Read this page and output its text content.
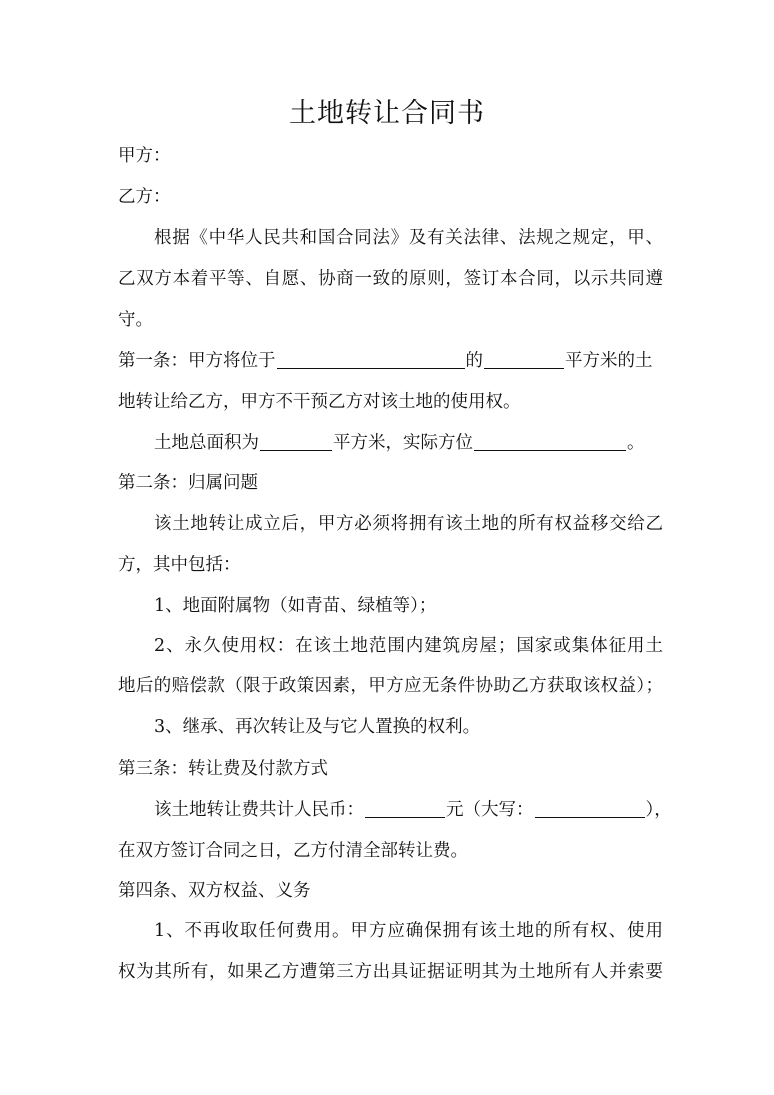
土地转让合同书
甲方：
乙方：
根据《中华人民共和国合同法》及有关法律、法规之规定，甲、
乙双方本着平等、自愿、协商一致的原则，签订本合同，以示共同遵
守。
第一条：甲方将位于	的	平方米的土
地转让给乙方，甲方不干预乙方对该土地的使用权。
土地总面积为	平方米，实际方位	。
第二条：归属问题
该土地转让成立后，甲方必须将拥有该土地的所有权益移交给乙
方，其中包括：
1、地面附属物（如青苗、绿植等）；
2、永久使用权：在该土地范围内建筑房屋；国家或集体征用土
地后的赔偿款（限于政策因素，甲方应无条件协助乙方获取该权益）；
3、继承、再次转让及与它人置换的权利。
第三条：转让费及付款方式
该土地转让费共计人民币：	元（大写：	），
在双方签订合同之日，乙方付清全部转让费。
第四条、双方权益、义务
1、不再收取任何费用。甲方应确保拥有该土地的所有权、使用
权为其所有，如果乙方遭第三方出具证据证明其为土地所有人并索要
